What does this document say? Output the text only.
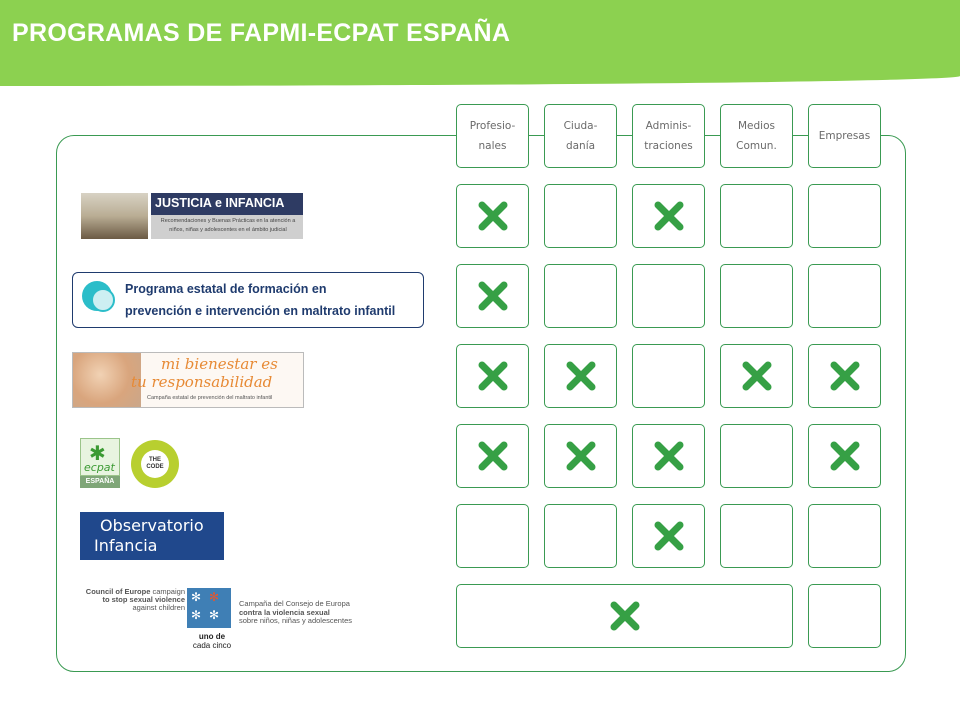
PROGRAMAS DE FAPMI-ECPAT ESPAÑA
Profesio-
nales
Ciuda-
danía
Adminis-
traciones
Medios
Comun.
Empresas
JUSTICIA e INFANCIA
Recomendaciones y Buenas Prácticas en la atención a niños, niñas y adolescentes en el ámbito judicial
Programa estatal de formación en
prevención e intervención en maltrato infantil
mi bienestar es
tu responsabilidad
Campaña estatal de prevención del maltrato infantil
✱
ecpat
ESPAÑA
THE
CODE
Observatorio
Infancia
Council of Europe campaign
to stop sexual violence
against children
✻ ✻
✻ ✻
uno de
cada cinco
Campaña del Consejo de Europa
contra la violencia sexual
sobre niños, niñas y adolescentes
